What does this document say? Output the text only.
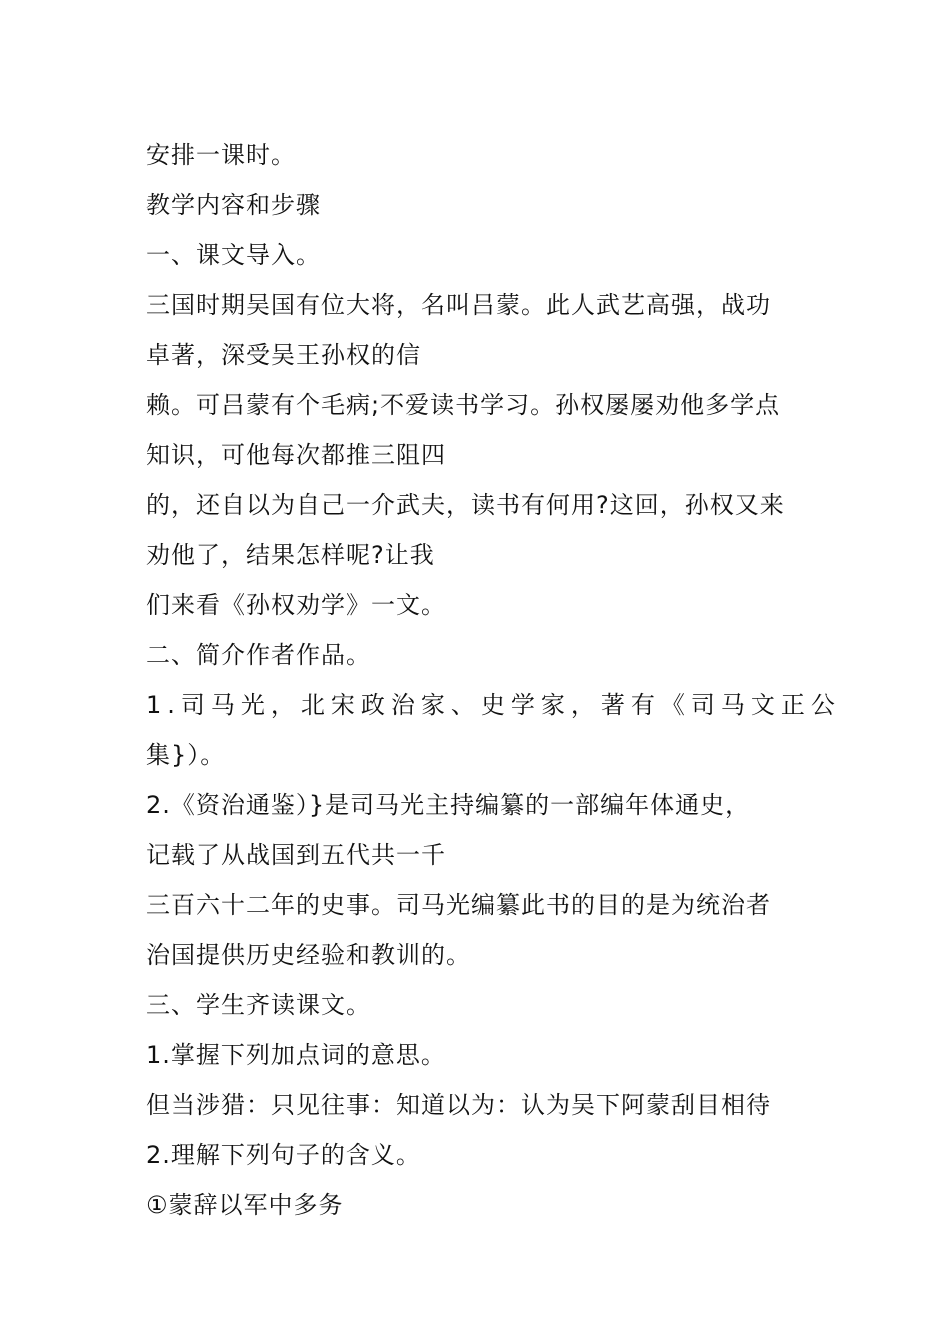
安排一课时。
教学内容和步骤
一、课文导入。
三国时期吴国有位大将，名叫吕蒙。此人武艺高强，战功
卓著，深受吴王孙权的信
赖。可吕蒙有个毛病;不爱读书学习。孙权屡屡劝他多学点
知识，可他每次都推三阻四
的，还自以为自己一介武夫，读书有何用?这回，孙权又来
劝他了，结果怎样呢?让我
们来看《孙权劝学》一文。
二、简介作者作品。
1.司马光，北宋政治家、史学家，著有《司马文正公
集}）。
2.《资治通鉴）}是司马光主持编纂的一部编年体通史，
记载了从战国到五代共一千
三百六十二年的史事。司马光编纂此书的目的是为统治者
治国提供历史经验和教训的。
三、学生齐读课文。
1.掌握下列加点词的意思。
但当涉猎：只见往事：知道以为：认为吴下阿蒙刮目相待
2.理解下列句子的含义。
①蒙辞以军中多务
